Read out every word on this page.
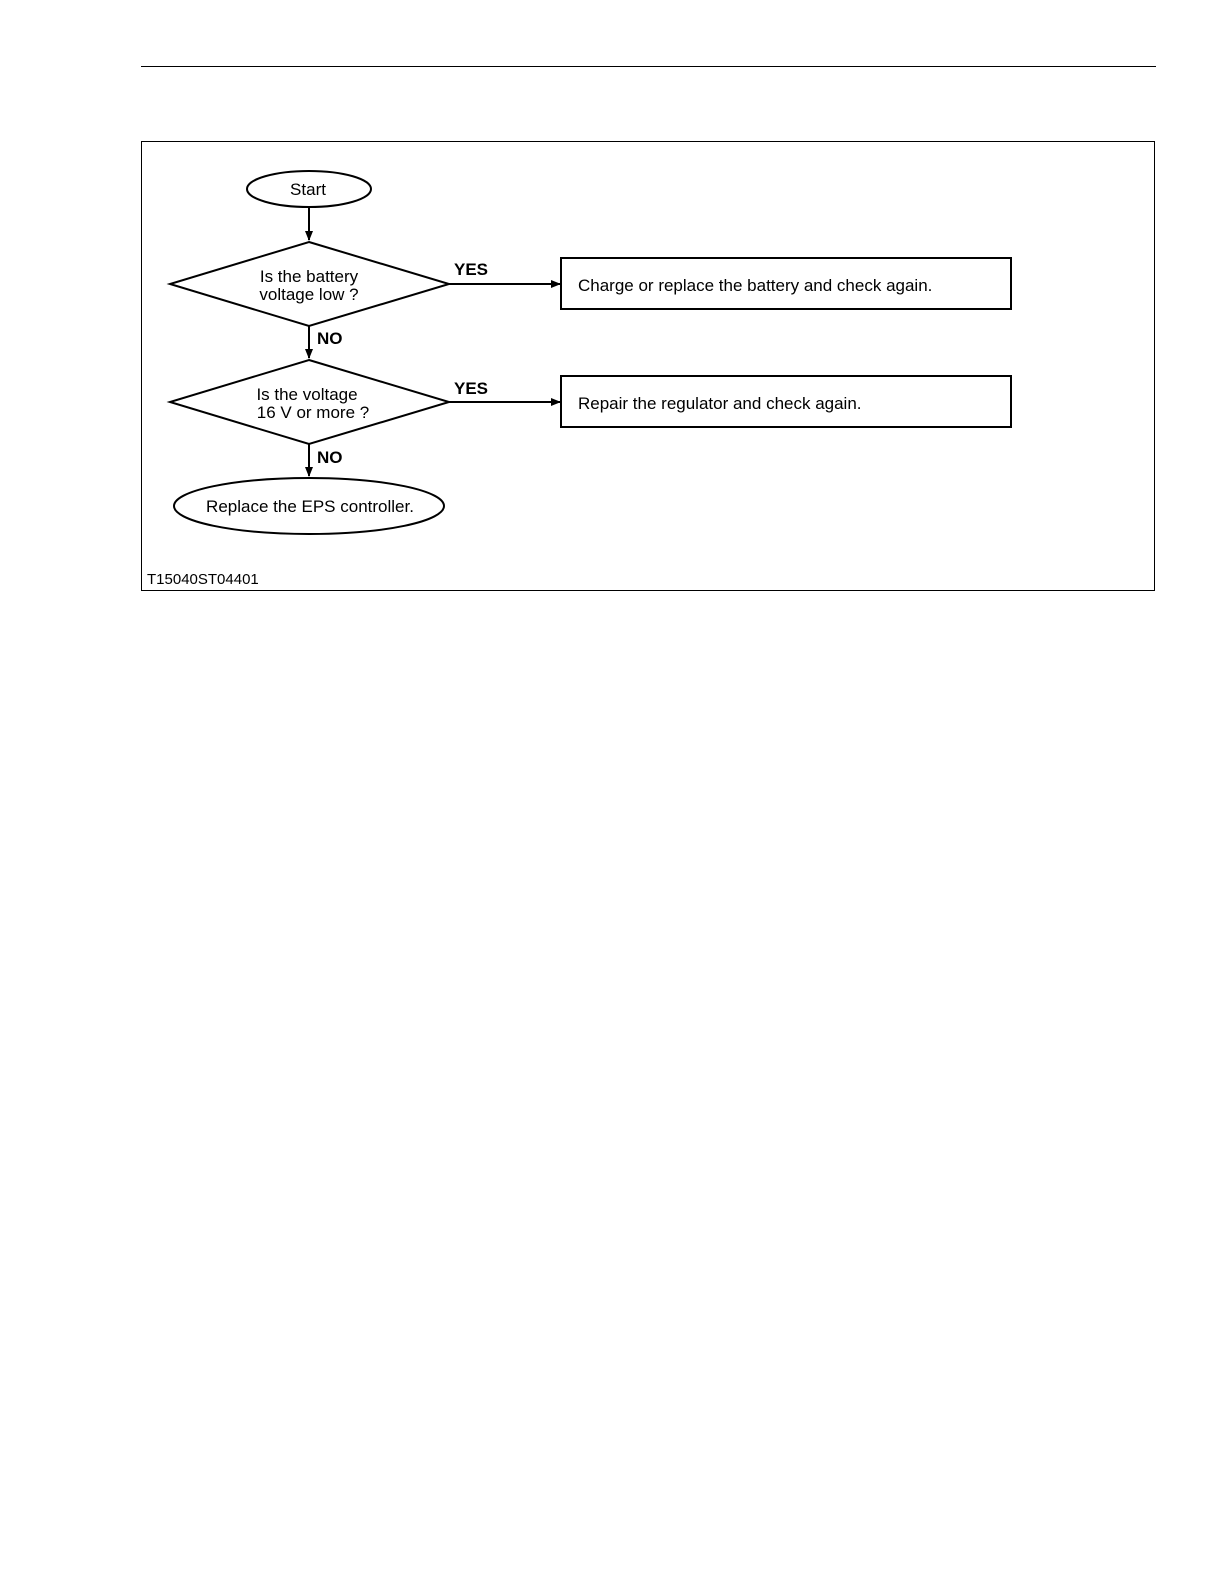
Start
Is the battery
voltage low ?
YES
Charge or replace the battery and check again.
NO
Is the voltage
16 V or more ?
YES
Repair the regulator and check again.
NO
Replace the EPS controller.
T15040ST04401
